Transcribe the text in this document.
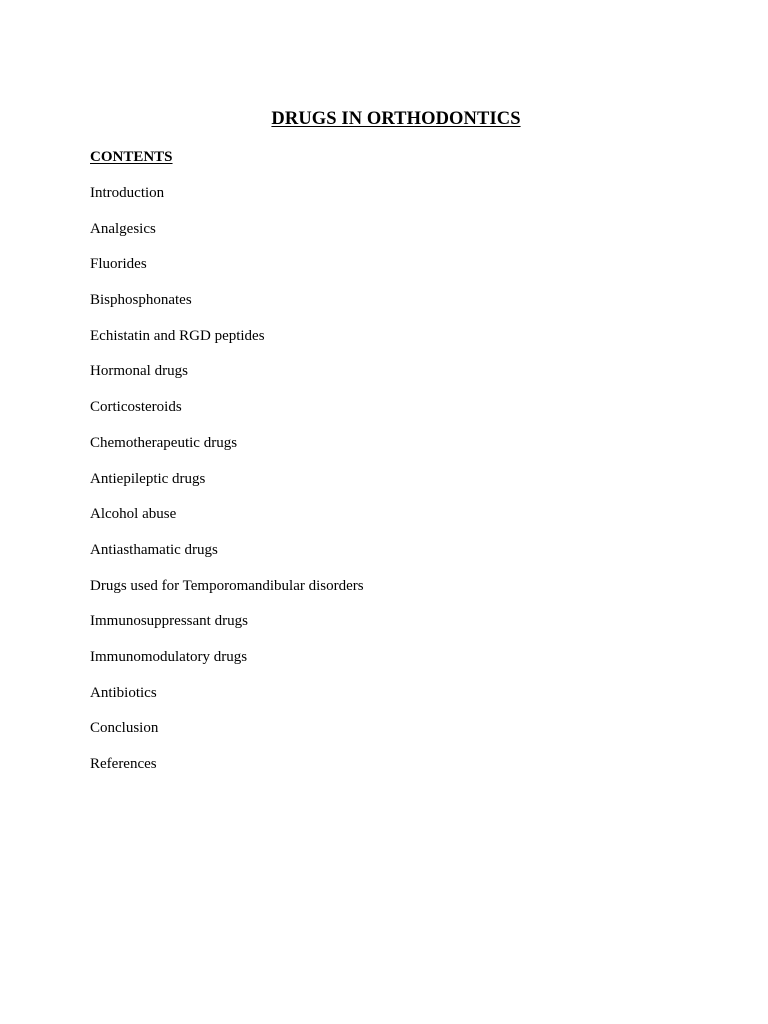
DRUGS IN ORTHODONTICS
CONTENTS
Introduction
Analgesics
Fluorides
Bisphosphonates
Echistatin and RGD peptides
Hormonal drugs
Corticosteroids
Chemotherapeutic drugs
Antiepileptic drugs
Alcohol abuse
Antiasthamatic drugs
Drugs used for Temporomandibular disorders
Immunosuppressant drugs
Immunomodulatory drugs
Antibiotics
Conclusion
References
